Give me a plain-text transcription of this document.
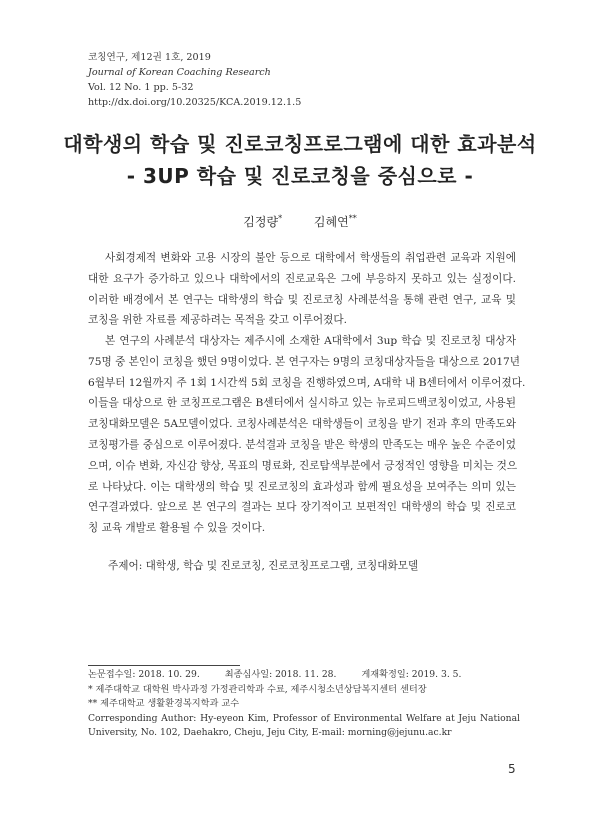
코칭연구, 제12권 1호, 2019
Journal of Korean Coaching Research
Vol. 12 No. 1 pp. 5-32
http://dx.doi.org/10.20325/KCA.2019.12.1.5
대학생의 학습 및 진로코칭프로그램에 대한 효과분석
- 3UP 학습 및 진로코칭을 중심으로 -
김정량*	김혜연**
사회경제적 변화와 고용 시장의 불안 등으로 대학에서 학생들의 취업관련 교육과 지원에
대한 요구가 증가하고 있으나 대학에서의 진로교육은 그에 부응하지 못하고 있는 실정이다.
이러한 배경에서 본 연구는 대학생의 학습 및 진로코칭 사례분석을 통해 관련 연구, 교육 및
코칭을 위한 자료를 제공하려는 목적을 갖고 이루어졌다.
본 연구의 사례분석 대상자는 제주시에 소재한 A대학에서 3up 학습 및 진로코칭 대상자
75명 중 본인이 코칭을 했던 9명이었다. 본 연구자는 9명의 코칭대상자들을 대상으로 2017년
6월부터 12월까지 주 1회 1시간씩 5회 코칭을 진행하였으며, A대학 내 B센터에서 이루어졌다.
이들을 대상으로 한 코칭프로그램은 B센터에서 실시하고 있는 뉴로피드백코칭이었고, 사용된
코칭대화모델은 5A모델이었다. 코칭사례분석은 대학생들이 코칭을 받기 전과 후의 만족도와
코칭평가를 중심으로 이루어졌다. 분석결과 코칭을 받은 학생의 만족도는 매우 높은 수준이었
으며, 이슈 변화, 자신감 향상, 목표의 명료화, 진로탐색부분에서 긍정적인 영향을 미치는 것으
로 나타났다. 이는 대학생의 학습 및 진로코칭의 효과성과 함께 필요성을 보여주는 의미 있는
연구결과였다. 앞으로 본 연구의 결과는 보다 장기적이고 보편적인 대학생의 학습 및 진로코
칭 교육 개발로 활용될 수 있을 것이다.
주제어: 대학생, 학습 및 진로코칭, 진로코칭프로그램, 코칭대화모델
논문접수일: 2018. 10. 29.	최종심사일: 2018. 11. 28.	게재확정일: 2019. 3. 5.
* 제주대학교 대학원 박사과정 가정관리학과 수료, 제주시청소년상담복지센터 센터장
** 제주대학교 생활환경복지학과 교수
Corresponding Author: Hy-eyeon Kim, Professor of Environmental Welfare at Jeju National
University, No. 102, Daehakro, Cheju, Jeju City, E-mail: morning@jejunu.ac.kr
5
